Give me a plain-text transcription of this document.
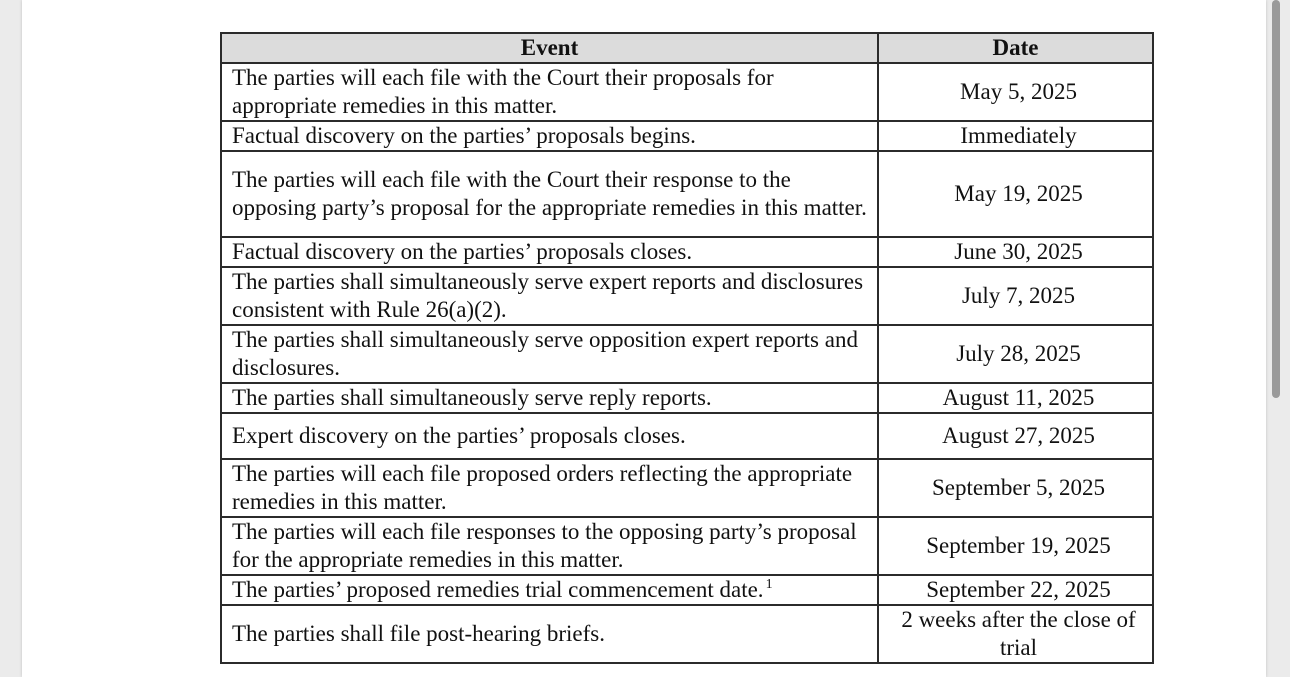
Event	Date
The parties will each file with the Court their proposals for appropriate remedies in this matter.	May 5, 2025
Factual discovery on the parties’ proposals begins.	Immediately
The parties will each file with the Court their response to the opposing party’s proposal for the appropriate remedies in this matter.	May 19, 2025
Factual discovery on the parties’ proposals closes.	June 30, 2025
The parties shall simultaneously serve expert reports and disclosures consistent with Rule 26(a)(2).	July 7, 2025
The parties shall simultaneously serve opposition expert reports and disclosures.	July 28, 2025
The parties shall simultaneously serve reply reports.	August 11, 2025
Expert discovery on the parties’ proposals closes.	August 27, 2025
The parties will each file proposed orders reflecting the appropriate remedies in this matter.	September 5, 2025
The parties will each file responses to the opposing party’s proposal for the appropriate remedies in this matter.	September 19, 2025
The parties’ proposed remedies trial commencement date. $^1$	September 22, 2025
The parties shall file post-hearing briefs.	2 weeks after the close of trial
